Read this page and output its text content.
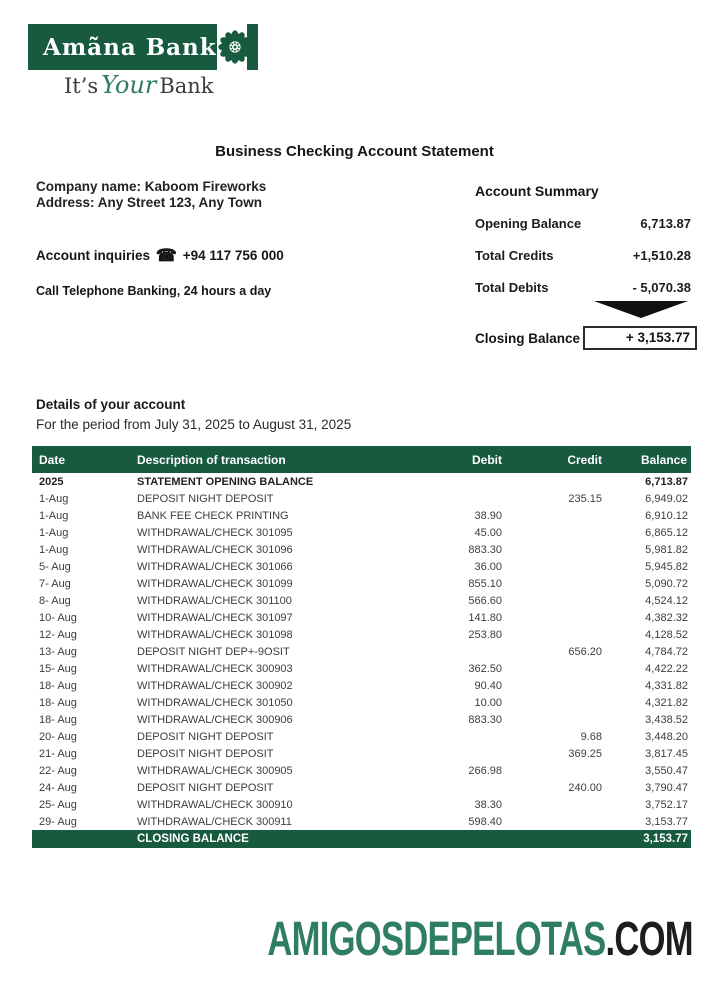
Amãna Bank
It’s Your Bank
Business Checking Account Statement
Company name: Kaboom Fireworks
Address: Any Street 123, Any Town
Account inquiries ☎ +94 117 756 000
Call Telephone Banking, 24 hours a day
Account Summary
Opening Balance	6,713.87
Total Credits	+1,510.28
Total Debits	- 5,070.38
Closing Balance	+ 3,153.77
Details of your account
For the period from July 31, 2025 to August 31, 2025
Date	Description of transaction	Debit	Credit	Balance
2025	STATEMENT OPENING BALANCE			6,713.87
1-Aug	DEPOSIT NIGHT DEPOSIT		235.15	6,949.02
1-Aug	BANK FEE CHECK PRINTING	38.90		6,910.12
1-Aug	WITHDRAWAL/CHECK 301095	45.00		6,865.12
1-Aug	WITHDRAWAL/CHECK 301096	883.30		5,981.82
5- Aug	WITHDRAWAL/CHECK 301066	36.00		5,945.82
7- Aug	WITHDRAWAL/CHECK 301099	855.10		5,090.72
8- Aug	WITHDRAWAL/CHECK 301100	566.60		4,524.12
10- Aug	WITHDRAWAL/CHECK 301097	141.80		4,382.32
12- Aug	WITHDRAWAL/CHECK 301098	253.80		4,128.52
13- Aug	DEPOSIT NIGHT DEP+-9OSIT		656.20	4,784.72
15- Aug	WITHDRAWAL/CHECK 300903	362.50		4,422.22
18- Aug	WITHDRAWAL/CHECK 300902	90.40		4,331.82
18- Aug	WITHDRAWAL/CHECK 301050	10.00		4,321.82
18- Aug	WITHDRAWAL/CHECK 300906	883.30		3,438.52
20- Aug	DEPOSIT NIGHT DEPOSIT		9.68	3,448.20
21- Aug	DEPOSIT NIGHT DEPOSIT		369.25	3,817.45
22- Aug	WITHDRAWAL/CHECK 300905	266.98		3,550.47
24- Aug	DEPOSIT NIGHT DEPOSIT		240.00	3,790.47
25- Aug	WITHDRAWAL/CHECK 300910	38.30		3,752.17
29- Aug	WITHDRAWAL/CHECK 300911	598.40		3,153.77
	CLOSING BALANCE			3,153.77
AMIGOSDEPELOTAS.COM
